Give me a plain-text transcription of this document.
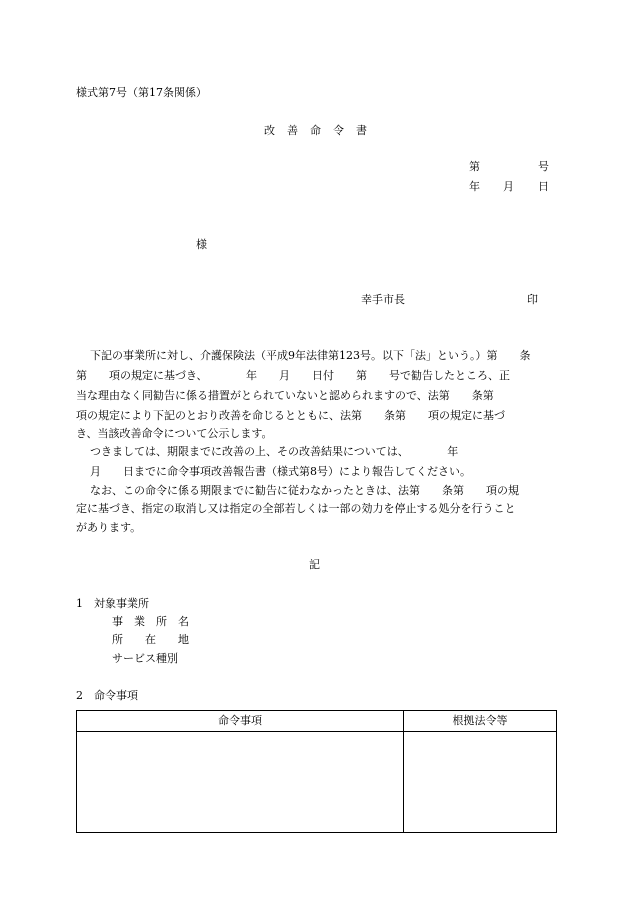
様式第7号（第17条関係）
改 善 命 令 書
第	号
年 月 日
様
幸手市長	印
下記の事業所に対し、介護保険法（平成9年法律第123号。以下「法」という。）第　　条
第　　項の規定に基づき、　　　　年　　月　　日付　　第　　号で勧告したところ、正
当な理由なく同勧告に係る措置がとられていないと認められますので、法第　　条第
項の規定により下記のとおり改善を命じるとともに、法第　　条第　　項の規定に基づ
き、当該改善命令について公示します。
つきましては、期限までに改善の上、その改善結果については、　　　　年
月　　日までに命令事項改善報告書（様式第8号）により報告してください。
なお、この命令に係る期限までに勧告に従わなかったときは、法第　　条第　　項の規
定に基づき、指定の取消し又は指定の全部若しくは一部の効力を停止する処分を行うこと
があります。
記
1　対象事業所
事　業　所　名
所　　在　　地
サービス種別
2　命令事項
命令事項	根拠法令等
